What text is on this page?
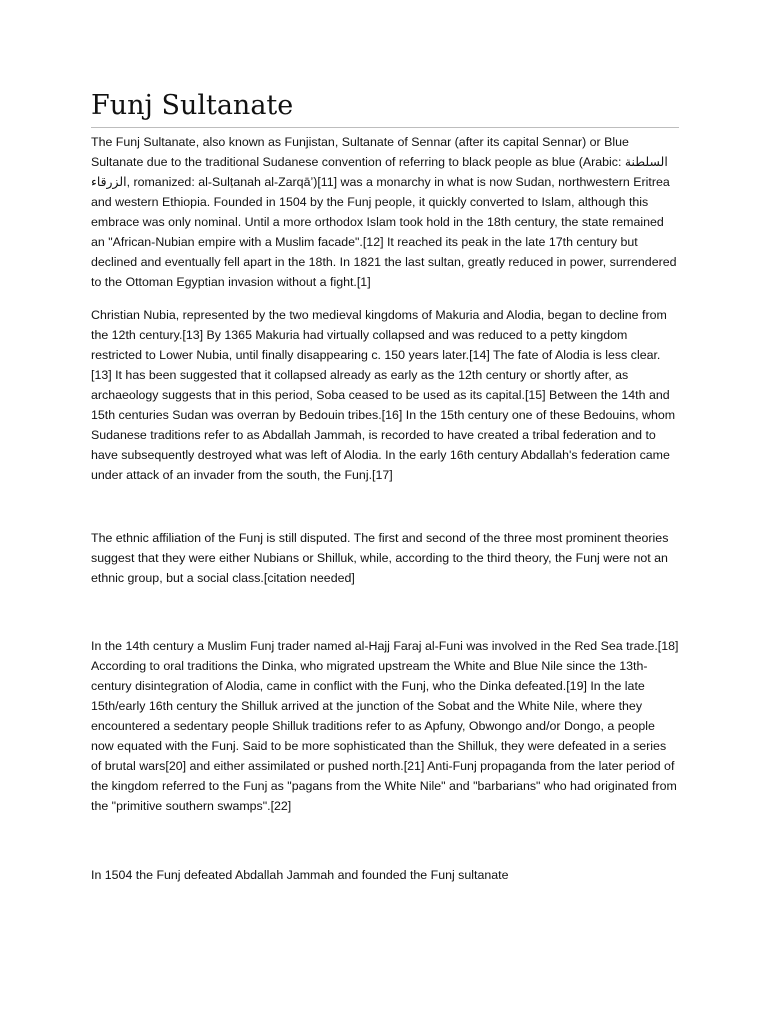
Funj Sultanate

The Funj Sultanate, also known as Funjistan, Sultanate of Sennar (after its capital Sennar) or Blue Sultanate due to the traditional Sudanese convention of referring to black people as blue (Arabic: السلطنة الزرقاء, romanized: al-Sulṭanah al-Zarqāʼ)[11] was a monarchy in what is now Sudan, northwestern Eritrea and western Ethiopia. Founded in 1504 by the Funj people, it quickly converted to Islam, although this embrace was only nominal. Until a more orthodox Islam took hold in the 18th century, the state remained an "African-Nubian empire with a Muslim facade".[12] It reached its peak in the late 17th century but declined and eventually fell apart in the 18th. In 1821 the last sultan, greatly reduced in power, surrendered to the Ottoman Egyptian invasion without a fight.[1]

Christian Nubia, represented by the two medieval kingdoms of Makuria and Alodia, began to decline from the 12th century.[13] By 1365 Makuria had virtually collapsed and was reduced to a petty kingdom restricted to Lower Nubia, until finally disappearing c. 150 years later.[14] The fate of Alodia is less clear.[13] It has been suggested that it collapsed already as early as the 12th century or shortly after, as archaeology suggests that in this period, Soba ceased to be used as its capital.[15] Between the 14th and 15th centuries Sudan was overran by Bedouin tribes.[16] In the 15th century one of these Bedouins, whom Sudanese traditions refer to as Abdallah Jammah, is recorded to have created a tribal federation and to have subsequently destroyed what was left of Alodia. In the early 16th century Abdallah's federation came under attack of an invader from the south, the Funj.[17]

The ethnic affiliation of the Funj is still disputed. The first and second of the three most prominent theories suggest that they were either Nubians or Shilluk, while, according to the third theory, the Funj were not an ethnic group, but a social class.[citation needed]

In the 14th century a Muslim Funj trader named al-Hajj Faraj al-Funi was involved in the Red Sea trade.[18] According to oral traditions the Dinka, who migrated upstream the White and Blue Nile since the 13th-century disintegration of Alodia, came in conflict with the Funj, who the Dinka defeated.[19] In the late 15th/early 16th century the Shilluk arrived at the junction of the Sobat and the White Nile, where they encountered a sedentary people Shilluk traditions refer to as Apfuny, Obwongo and/or Dongo, a people now equated with the Funj. Said to be more sophisticated than the Shilluk, they were defeated in a series of brutal wars[20] and either assimilated or pushed north.[21] Anti-Funj propaganda from the later period of the kingdom referred to the Funj as "pagans from the White Nile" and "barbarians" who had originated from the "primitive southern swamps".[22]

In 1504 the Funj defeated Abdallah Jammah and founded the Funj sultanate
